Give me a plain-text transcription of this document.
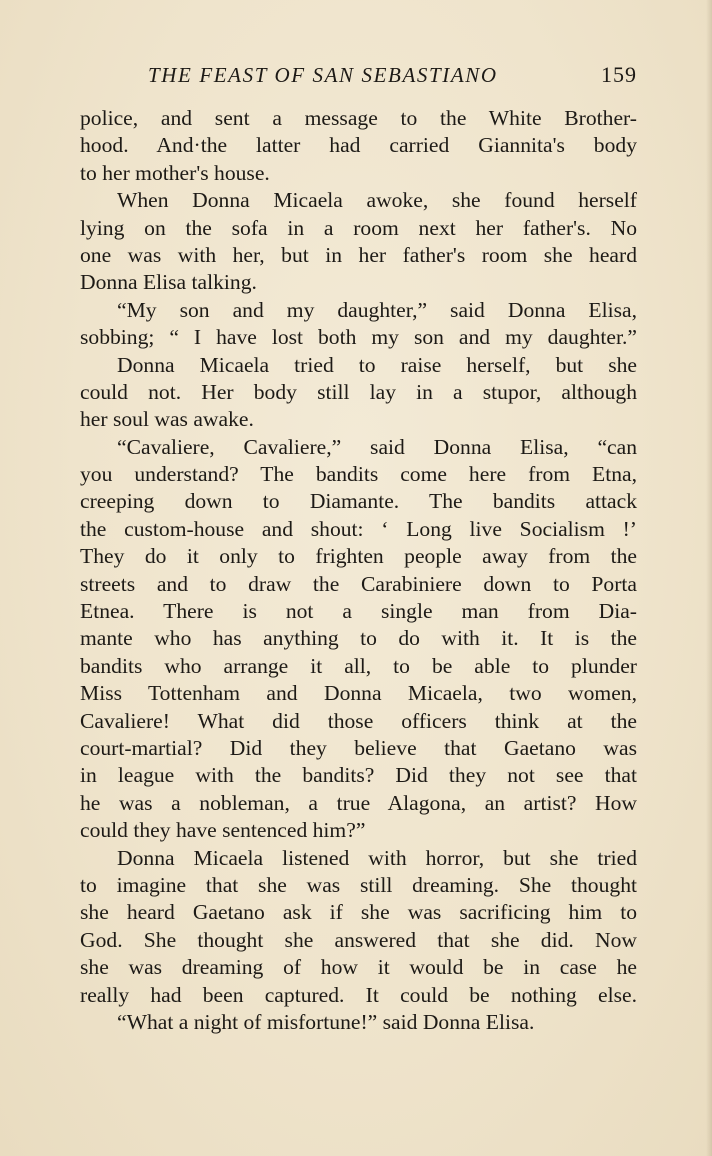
THE FEAST OF SAN SEBASTIANO	159
police, and sent a message to the White Brother-
hood. And·the latter had carried Giannita's body
to her mother's house.
When Donna Micaela awoke, she found herself
lying on the sofa in a room next her father's. No
one was with her, but in her father's room she heard
Donna Elisa talking.
“My son and my daughter,” said Donna Elisa,
sobbing; “ I have lost both my son and my daughter.”
Donna Micaela tried to raise herself, but she
could not. Her body still lay in a stupor, although
her soul was awake.
“Cavaliere, Cavaliere,” said Donna Elisa, “can
you understand? The bandits come here from Etna,
creeping down to Diamante. The bandits attack
the custom-house and shout: ‘ Long live Socialism !’
They do it only to frighten people away from the
streets and to draw the Carabiniere down to Porta
Etnea. There is not a single man from Dia-
mante who has anything to do with it. It is the
bandits who arrange it all, to be able to plunder
Miss Tottenham and Donna Micaela, two women,
Cavaliere! What did those officers think at the
court-martial? Did they believe that Gaetano was
in league with the bandits? Did they not see that
he was a nobleman, a true Alagona, an artist? How
could they have sentenced him?”
Donna Micaela listened with horror, but she tried
to imagine that she was still dreaming. She thought
she heard Gaetano ask if she was sacrificing him to
God. She thought she answered that she did. Now
she was dreaming of how it would be in case he
really had been captured. It could be nothing else.
“What a night of misfortune!” said Donna Elisa.
